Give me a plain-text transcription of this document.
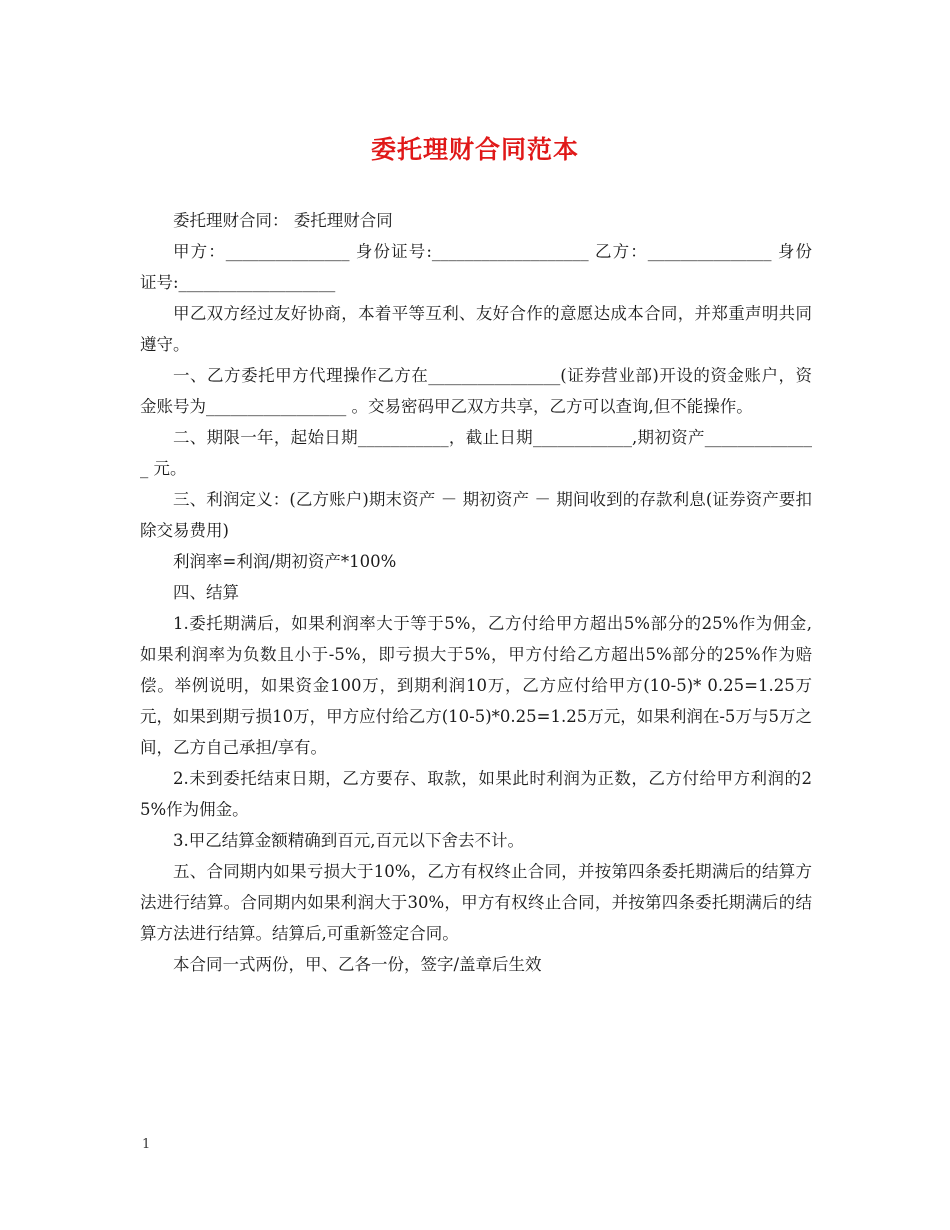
委托理财合同范本

委托理财合同： 委托理财合同

甲方：_______________ 身份证号:___________________ 乙方：_______________ 身份证号:___________________

甲乙双方经过友好协商，本着平等互利、友好合作的意愿达成本合同，并郑重声明共同遵守。

一、乙方委托甲方代理操作乙方在________________(证券营业部)开设的资金账户，资金账号为_________________ 。交易密码甲乙双方共享，乙方可以查询,但不能操作。

二、期限一年，起始日期___________，截止日期____________,期初资产______________ 元。

三、利润定义：(乙方账户)期末资产 － 期初资产 － 期间收到的存款利息(证券资产要扣除交易费用)

利润率=利润/期初资产*100%

四、结算

1.委托期满后，如果利润率大于等于5%，乙方付给甲方超出5%部分的25%作为佣金, 如果利润率为负数且小于-5%，即亏损大于5%，甲方付给乙方超出5%部分的25%作为赔偿。举例说明，如果资金100万，到期利润10万，乙方应付给甲方(10-5)* 0.25=1.25万元，如果到期亏损10万，甲方应付给乙方(10-5)*0.25=1.25万元，如果利润在-5万与5万之间，乙方自己承担/享有。

2.未到委托结束日期，乙方要存、取款，如果此时利润为正数，乙方付给甲方利润的25%作为佣金。

3.甲乙结算金额精确到百元,百元以下舍去不计。

五、合同期内如果亏损大于10%，乙方有权终止合同，并按第四条委托期满后的结算方法进行结算。合同期内如果利润大于30%，甲方有权终止合同，并按第四条委托期满后的结算方法进行结算。结算后,可重新签定合同。

本合同一式两份，甲、乙各一份，签字/盖章后生效

1
